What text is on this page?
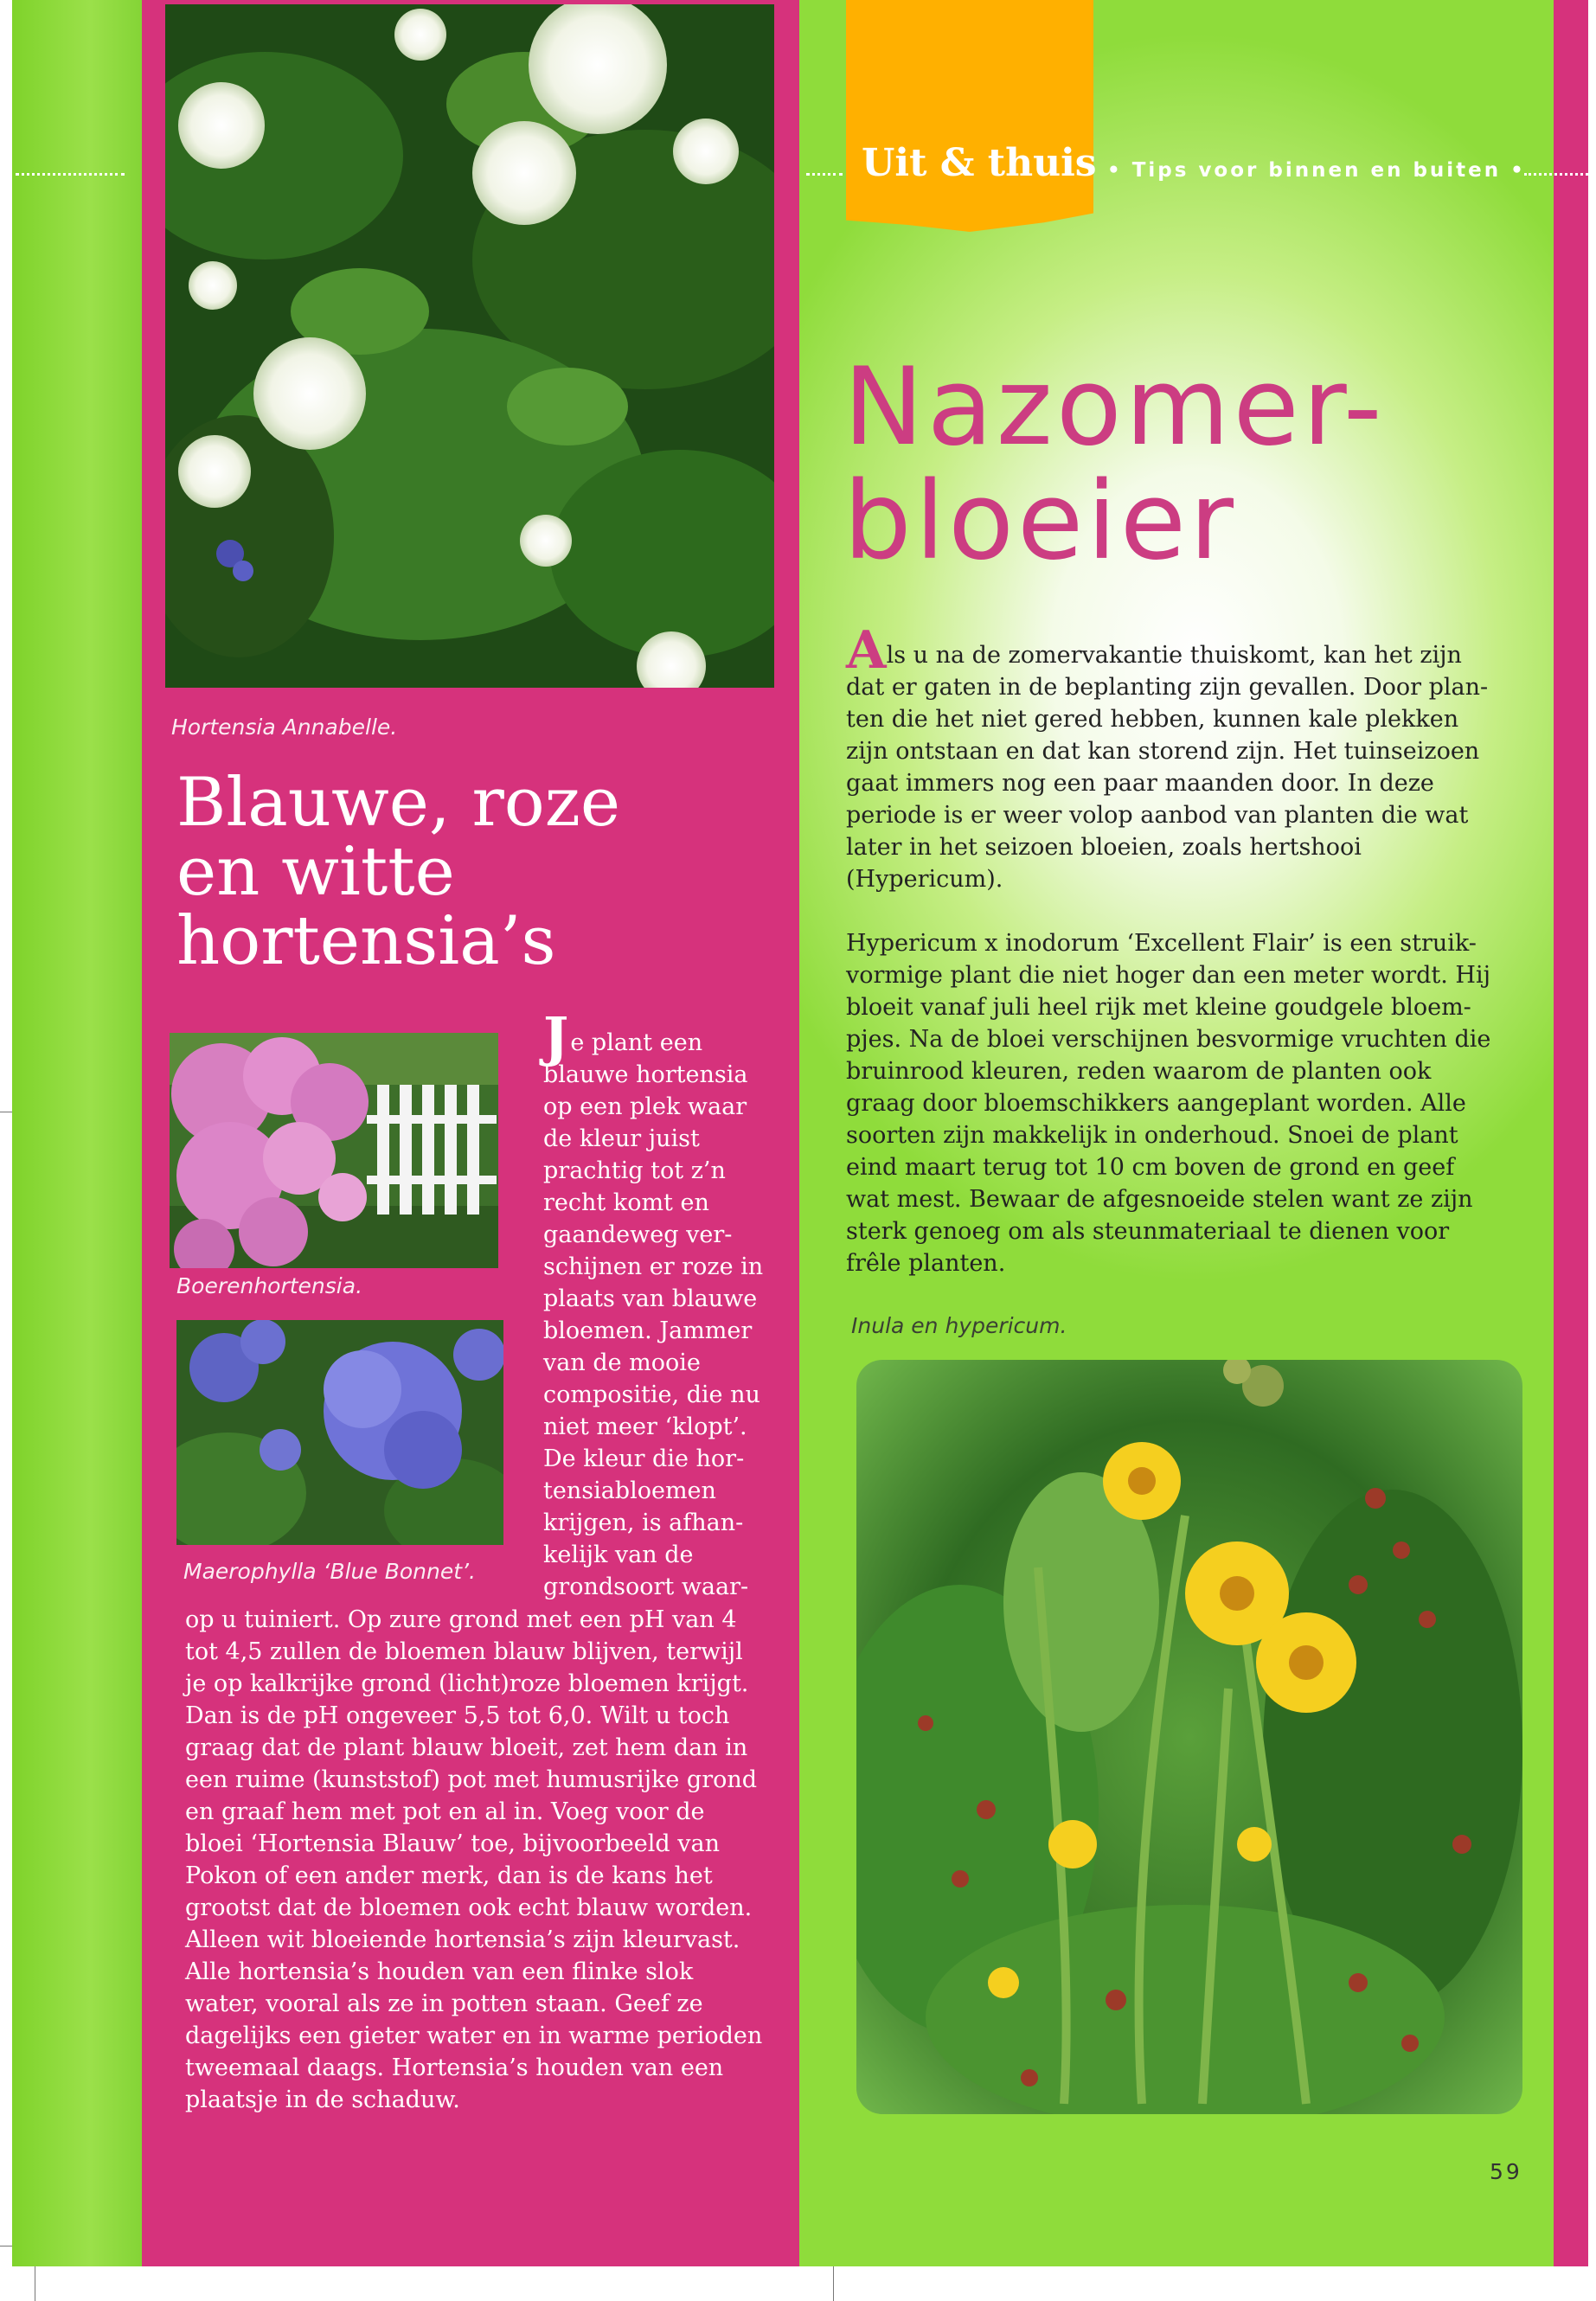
Uit & thuis • Tips voor binnen en buiten •
Hortensia Annabelle.
Blauwe, roze
en witte
hortensia’s
Boerenhortensia.
Maerophylla ‘Blue Bonnet’.
Je plant een
blauwe hortensia
op een plek waar
de kleur juist
prachtig tot z’n
recht komt en
gaandeweg ver-
schijnen er roze in
plaats van blauwe
bloemen. Jammer
van de mooie
compositie, die nu
niet meer ‘klopt’.
De kleur die hor-
tensiabloemen
krijgen, is afhan-
kelijk van de
grondsoort waar-
op u tuiniert. Op zure grond met een pH van 4
tot 4,5 zullen de bloemen blauw blijven, terwijl
je op kalkrijke grond (licht)roze bloemen krijgt.
Dan is de pH ongeveer 5,5 tot 6,0. Wilt u toch
graag dat de plant blauw bloeit, zet hem dan in
een ruime (kunststof) pot met humusrijke grond
en graaf hem met pot en al in. Voeg voor de
bloei ‘Hortensia Blauw’ toe, bijvoorbeeld van
Pokon of een ander merk, dan is de kans het
grootst dat de bloemen ook echt blauw worden.
Alleen wit bloeiende hortensia’s zijn kleurvast.
Alle hortensia’s houden van een flinke slok
water, vooral als ze in potten staan. Geef ze
dagelijks een gieter water en in warme perioden
tweemaal daags. Hortensia’s houden van een
plaatsje in de schaduw.
Nazomer-
bloeier
Als u na de zomervakantie thuiskomt, kan het zijn
dat er gaten in de beplanting zijn gevallen. Door plan-
ten die het niet gered hebben, kunnen kale plekken
zijn ontstaan en dat kan storend zijn. Het tuinseizoen
gaat immers nog een paar maanden door. In deze
periode is er weer volop aanbod van planten die wat
later in het seizoen bloeien, zoals hertshooi
(Hypericum).
Hypericum x inodorum ‘Excellent Flair’ is een struik-
vormige plant die niet hoger dan een meter wordt. Hij
bloeit vanaf juli heel rijk met kleine goudgele bloem-
pjes. Na de bloei verschijnen besvormige vruchten die
bruinrood kleuren, reden waarom de planten ook
graag door bloemschikkers aangeplant worden. Alle
soorten zijn makkelijk in onderhoud. Snoei de plant
eind maart terug tot 10 cm boven de grond en geef
wat mest. Bewaar de afgesnoeide stelen want ze zijn
sterk genoeg om als steunmateriaal te dienen voor
frêle planten.
Inula en hypericum.
59
